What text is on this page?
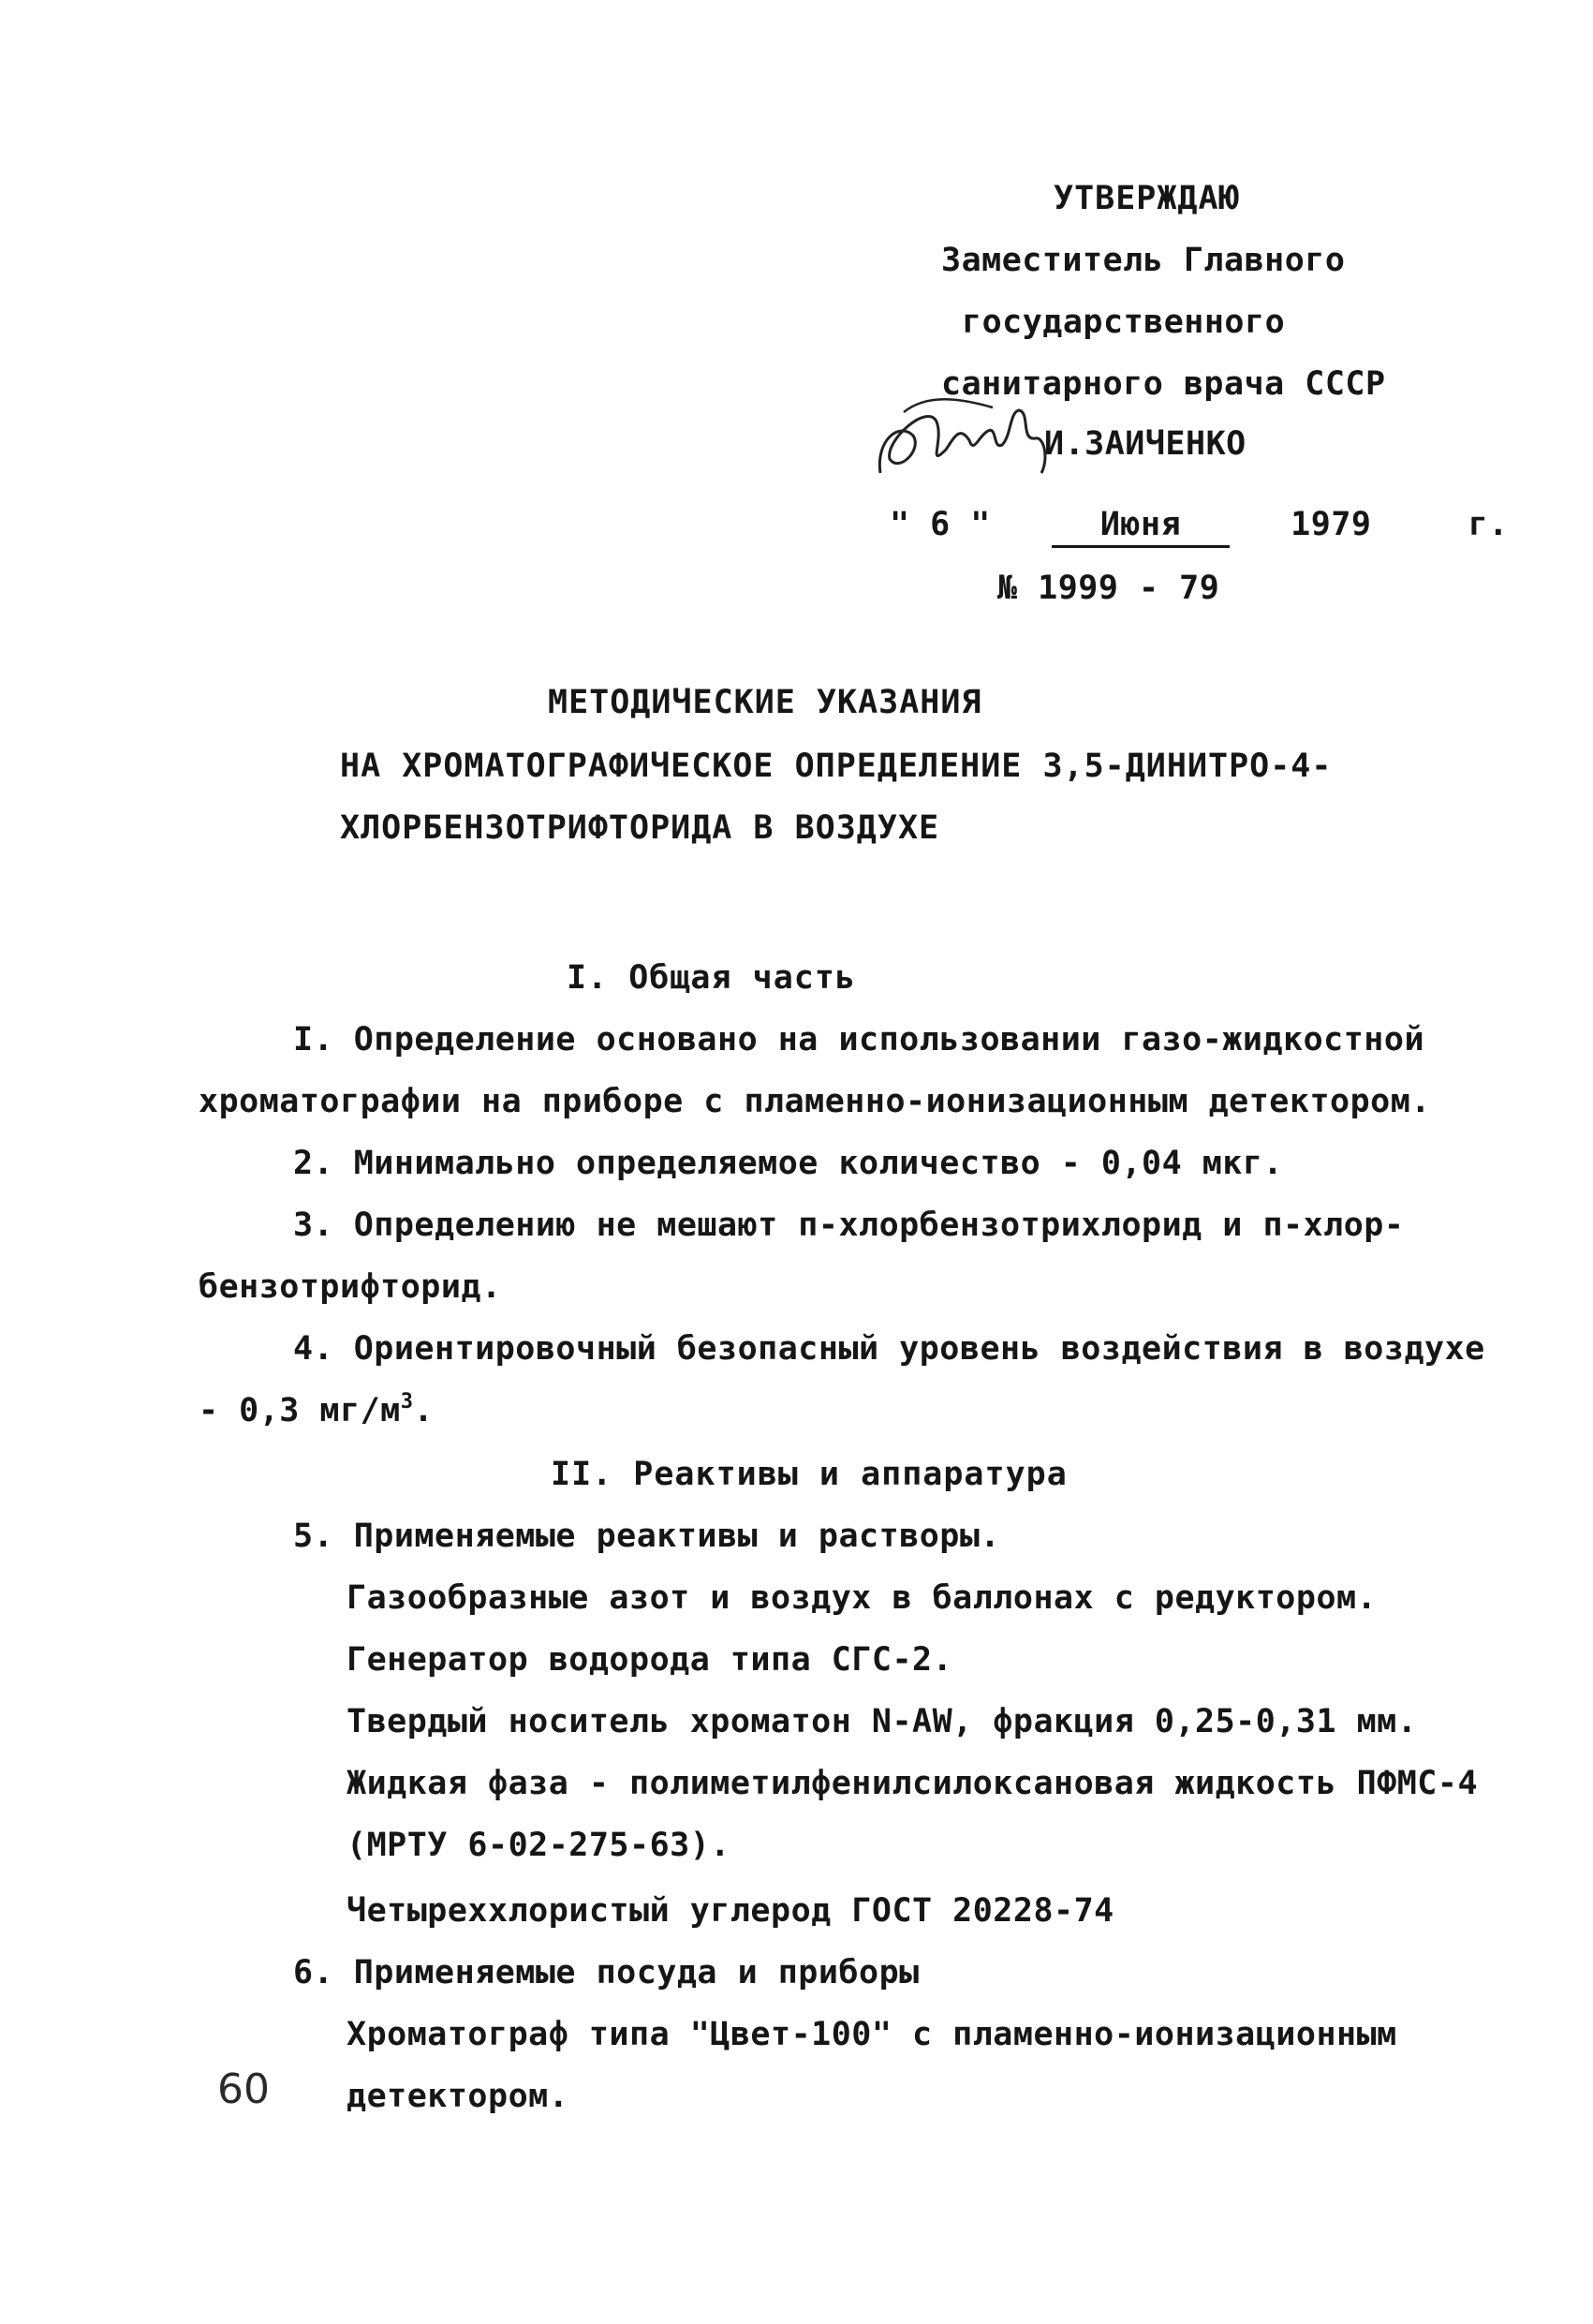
УТВЕРЖДАЮ
Заместитель Главного
государственного
санитарного врача СССР
И.ЗАИЧЕНКО
" 6 "	Июня	1979	г.
№ 1999 - 79
МЕТОДИЧЕСКИЕ УКАЗАНИЯ
НА ХРОМАТОГРАФИЧЕСКОЕ ОПРЕДЕЛЕНИЕ 3,5-ДИНИТРО-4-
ХЛОРБЕНЗОТРИФТОРИДА В ВОЗДУХЕ
I. Общая часть
I. Определение основано на использовании газо-жидкостной
хроматографии на приборе с пламенно-ионизационным детектором.
2. Минимально определяемое количество - 0,04 мкг.
3. Определению не мешают п-хлорбензотрихлорид и п-хлор-
бензотрифторид.
4. Ориентировочный безопасный уровень воздействия в воздухе
- 0,3 $мг/м^3$.
II. Реактивы и аппаратура
5. Применяемые реактивы и растворы.
Газообразные азот и воздух в баллонах с редуктором.
Генератор водорода типа СГС-2.
Твердый носитель хроматон N-AW, фракция 0,25-0,31 мм.
Жидкая фаза - полиметилфенилсилоксановая жидкость ПФМС-4
(МРТУ 6-02-275-63).
Четыреххлористый углерод ГОСТ 20228-74
6. Применяемые посуда и приборы
Хроматограф типа "Цвет-100" с пламенно-ионизационным
детектором.
60
